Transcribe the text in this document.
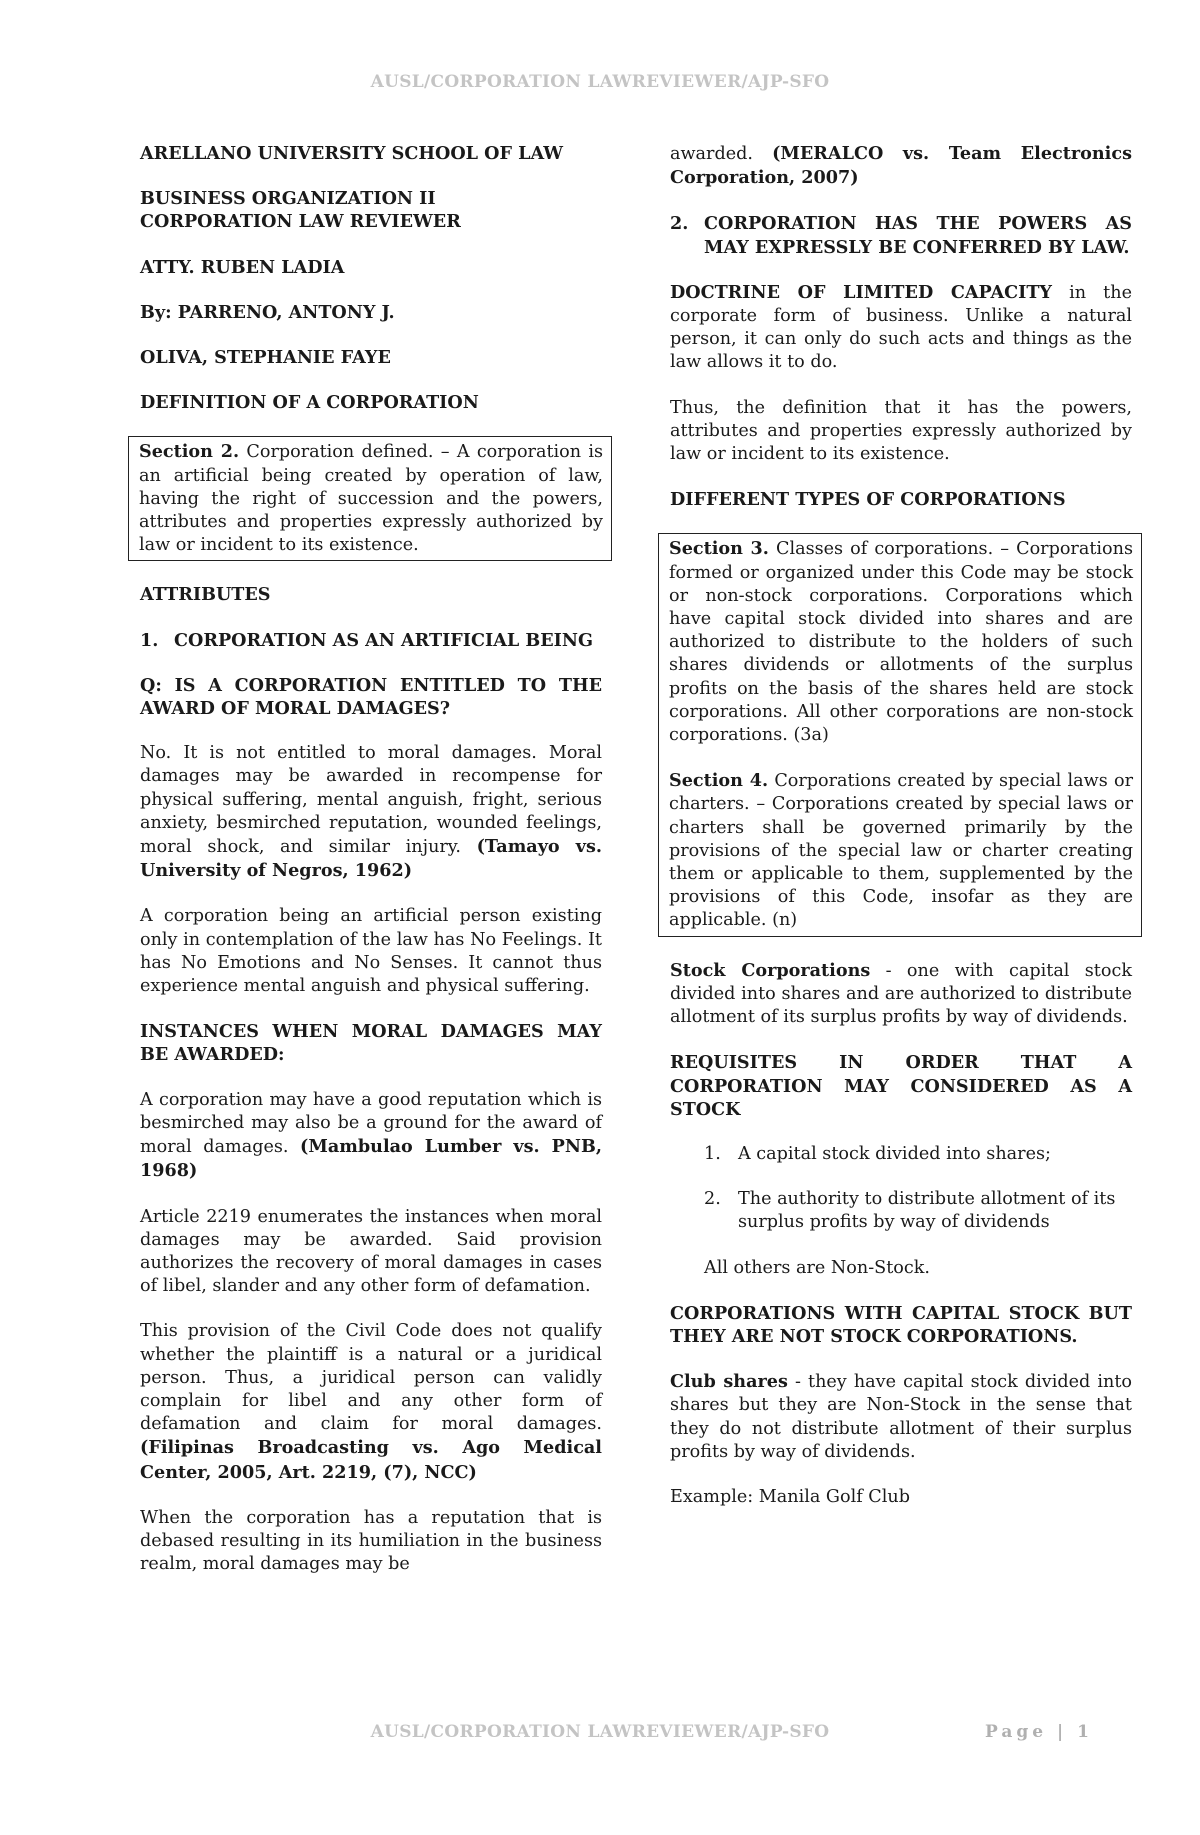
AUSL/CORPORATION LAWREVIEWER/AJP-SFO

ARELLANO UNIVERSITY SCHOOL OF LAW

BUSINESS ORGANIZATION II

CORPORATION LAW REVIEWER

ATTY. RUBEN LADIA

By: PARRENO, ANTONY J.

OLIVA, STEPHANIE FAYE

DEFINITION OF A CORPORATION

Section 2. Corporation defined. – A corporation is an artificial being created by operation of law, having the right of succession and the powers, attributes and properties expressly authorized by law or incident to its existence.

ATTRIBUTES

1. CORPORATION AS AN ARTIFICIAL BEING

Q: IS A CORPORATION ENTITLED TO THE AWARD OF MORAL DAMAGES?

No. It is not entitled to moral damages. Moral damages may be awarded in recompense for physical suffering, mental anguish, fright, serious anxiety, besmirched reputation, wounded feelings, moral shock, and similar injury. (Tamayo vs. University of Negros, 1962)

A corporation being an artificial person existing only in contemplation of the law has No Feelings. It has No Emotions and No Senses. It cannot thus experience mental anguish and physical suffering.

INSTANCES WHEN MORAL DAMAGES MAY BE AWARDED:

A corporation may have a good reputation which is besmirched may also be a ground for the award of moral damages. (Mambulao Lumber vs. PNB, 1968)

Article 2219 enumerates the instances when moral damages may be awarded. Said provision authorizes the recovery of moral damages in cases of libel, slander and any other form of defamation.

This provision of the Civil Code does not qualify whether the plaintiff is a natural or a juridical person. Thus, a juridical person can validly complain for libel and any other form of defamation and claim for moral damages. (Filipinas Broadcasting vs. Ago Medical Center, 2005, Art. 2219, (7), NCC)

When the corporation has a reputation that is debased resulting in its humiliation in the business realm, moral damages may be

awarded. (MERALCO vs. Team Electronics Corporation, 2007)

2. CORPORATION HAS THE POWERS AS MAY EXPRESSLY BE CONFERRED BY LAW.

DOCTRINE OF LIMITED CAPACITY in the corporate form of business. Unlike a natural person, it can only do such acts and things as the law allows it to do.

Thus, the definition that it has the powers, attributes and properties expressly authorized by law or incident to its existence.

DIFFERENT TYPES OF CORPORATIONS

Section 3. Classes of corporations. – Corporations formed or organized under this Code may be stock or non-stock corporations. Corporations which have capital stock divided into shares and are authorized to distribute to the holders of such shares dividends or allotments of the surplus profits on the basis of the shares held are stock corporations. All other corporations are non-stock corporations. (3a)

Section 4. Corporations created by special laws or charters. – Corporations created by special laws or charters shall be governed primarily by the provisions of the special law or charter creating them or applicable to them, supplemented by the provisions of this Code, insofar as they are applicable. (n)

Stock Corporations - one with capital stock divided into shares and are authorized to distribute allotment of its surplus profits by way of dividends.

REQUISITES IN ORDER THAT A CORPORATION MAY CONSIDERED AS A STOCK

1. A capital stock divided into shares;
2. The authority to distribute allotment of its surplus profits by way of dividends

All others are Non-Stock.

CORPORATIONS WITH CAPITAL STOCK BUT THEY ARE NOT STOCK CORPORATIONS.

Club shares - they have capital stock divided into shares but they are Non-Stock in the sense that they do not distribute allotment of their surplus profits by way of dividends.

Example: Manila Golf Club

AUSL/CORPORATION LAWREVIEWER/AJP-SFO	Page | 1
